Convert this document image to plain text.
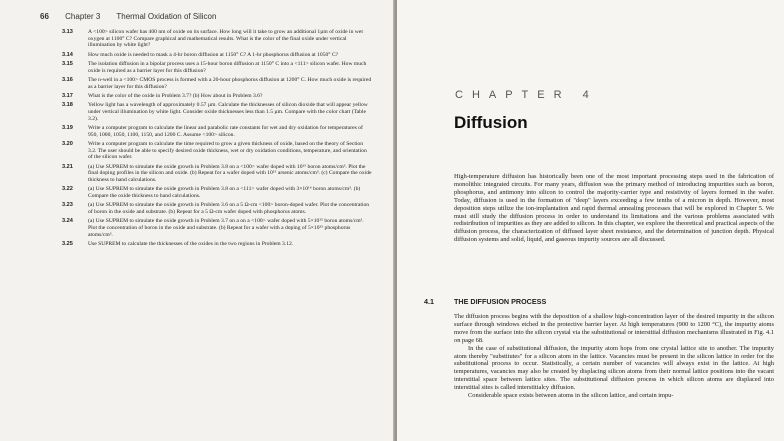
66 Chapter 3 Thermal Oxidation of Silicon
3.13	A <100> silicon wafer has 400 nm of oxide on its surface. How long will it take to grow an additional 1µm of oxide in wet oxygen at 1100° C? Compare graphical and mathematical results. What is the color of the final oxide under vertical illumination by white light?
3.14	How much oxide is needed to mask a 4-hr boron diffusion at 1150° C? A 1-hr phosphorus diffusion at 1050° C?
3.15	The isolation diffusion in a bipolar process uses a 15-hour boron diffusion at 1150° C into a <111> silicon wafer. How much oxide is required as a barrier layer for this diffusion?
3.16	The n-well in a <100> CMOS process is formed with a 20-hour phosphorus diffusion at 1200° C. How much oxide is required as a barrier layer for this diffusion?
3.17	What is the color of the oxide in Problem 3.7? (b) How about in Problem 3.6?
3.18	Yellow light has a wavelength of approximately 0.57 µm. Calculate the thicknesses of silicon dioxide that will appear yellow under vertical illumination by white light. Consider oxide thicknesses less than 1.5 µm. Compare with the color chart (Table 3.2).
3.19	Write a computer program to calculate the linear and parabolic rate constants for wet and dry oxidation for temperatures of 950, 1000, 1050, 1100, 1150, and 1200 C. Assume <100> silicon.
3.20	Write a computer program to calculate the time required to grow a given thickness of oxide, based on the theory of Section 3.2. The user should be able to specify desired oxide thickness, wet or dry oxidation conditions, temperature, and orientation of the silicon wafer.
3.21	(a) Use SUPREM to simulate the oxide growth in Problem 3.8 on a <100> wafer doped with 10¹⁵ boron atoms/cm³. Plot the final doping profiles in the silicon and oxide. (b) Repeat for a wafer doped with 10¹⁵ arsenic atoms/cm³. (c) Compare the oxide thickness to hand calculations.
3.22	(a) Use SUPREM to simulate the oxide growth in Problem 3.8 on a <111> wafer doped with 3×10¹⁶ boron atoms/cm³. (b) Compare the oxide thickness to hand calculations.
3.23	(a) Use SUPREM to simulate the oxide growth in Problem 3.6 on a 5 Ω-cm <100> boron-doped wafer. Plot the concentration of boron in the oxide and substrate. (b) Repeat for a 5 Ω-cm wafer doped with phosphorus atoms.
3.24	(a) Use SUPREM to simulate the oxide growth in Problem 3.7 on a on a <100> wafer doped with 5×10¹⁵ boron atoms/cm³. Plot the concentration of boron in the oxide and substrate. (b) Repeat for a wafer with a doping of 5×10¹⁵ phosphorus atoms/cm³.
3.25	Use SUPREM to calculate the thicknesses of the oxides in the two regions in Problem 3.12.
CHAPTER 4
Diffusion
High-temperature diffusion has historically been one of the most important processing steps used in the fabrication of monolithic integrated circuits. For many years, diffusion was the primary method of introducing impurities such as boron, phosphorus, and antimony into silicon to control the majority-carrier type and resistivity of layers formed in the wafer. Today, diffusion is used in the formation of "deep" layers exceeding a few tenths of a micron in depth. However, most deposition steps utilize the ion-implantation and rapid thermal annealing processes that will be explored in Chapter 5. We must still study the diffusion process in order to understand its limitations and the various problems associated with redistribution of impurities as they are added to silicon. In this chapter, we explore the theoretical and practical aspects of the diffusion process, the characterization of diffused layer sheet resistance, and the determination of junction depth. Physical diffusion systems and solid, liquid, and gaseous impurity sources are all discussed.
4.1	THE DIFFUSION PROCESS

The diffusion process begins with the deposition of a shallow high-concentration layer of the desired impurity in the silicon surface through windows etched in the protective barrier layer. At high temperatures (900 to 1200 °C), the impurity atoms move from the surface into the silicon crystal via the substitutional or interstitial diffusion mechanisms illustrated in Fig. 4.1 on page 68.

In the case of substitutional diffusion, the impurity atom hops from one crystal lattice site to another. The impurity atom thereby "substitutes" for a silicon atom in the lattice. Vacancies must be present in the silicon lattice in order for the substitutional process to occur. Statistically, a certain number of vacancies will always exist in the lattice. At high temperatures, vacancies may also be created by displacing silicon atoms from their normal lattice positions into the vacant interstitial space between lattice sites. The substitutional diffusion process in which silicon atoms are displaced into interstitial sites is called interstitialcy diffusion.

Considerable space exists between atoms in the silicon lattice, and certain impu-
